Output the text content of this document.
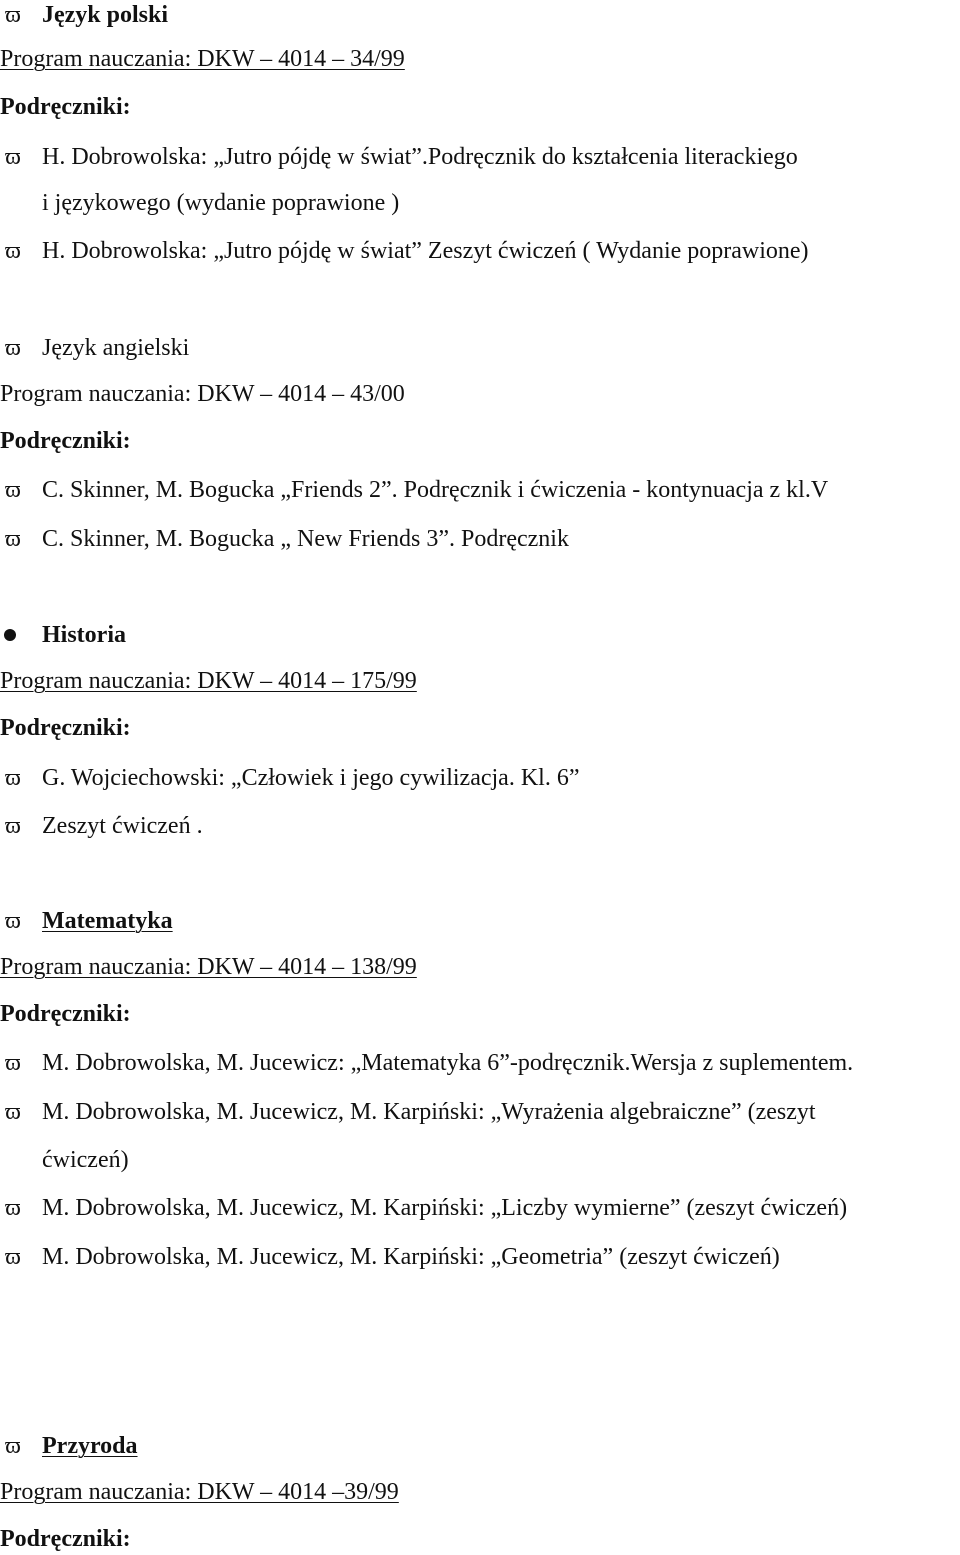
ϖ Język polski
Program nauczania: DKW – 4014 – 34/99
Podręczniki:
ϖ H. Dobrowolska: „Jutro pójdę w świat”.Podręcznik do kształcenia literackiego
i językowego (wydanie poprawione )
ϖ H. Dobrowolska: „Jutro pójdę w świat” Zeszyt ćwiczeń ( Wydanie poprawione)
ϖ Język angielski
Program nauczania: DKW – 4014 – 43/00
Podręczniki:
ϖ C. Skinner, M. Bogucka „Friends 2”. Podręcznik i ćwiczenia - kontynuacja z kl.V
ϖ C. Skinner, M. Bogucka „ New Friends 3”. Podręcznik
Historia
Program nauczania: DKW – 4014 – 175/99
Podręczniki:
ϖ G. Wojciechowski: „Człowiek i jego cywilizacja. Kl. 6”
ϖ Zeszyt ćwiczeń .
ϖ Matematyka
Program nauczania: DKW – 4014 – 138/99
Podręczniki:
ϖ M. Dobrowolska, M. Jucewicz: „Matematyka 6”-podręcznik.Wersja z suplementem.
ϖ M. Dobrowolska, M. Jucewicz, M. Karpiński: „Wyrażenia algebraiczne” (zeszyt
ćwiczeń)
ϖ M. Dobrowolska, M. Jucewicz, M. Karpiński: „Liczby wymierne” (zeszyt ćwiczeń)
ϖ M. Dobrowolska, M. Jucewicz, M. Karpiński: „Geometria” (zeszyt ćwiczeń)
ϖ Przyroda
Program nauczania: DKW – 4014 –39/99
Podręczniki:
